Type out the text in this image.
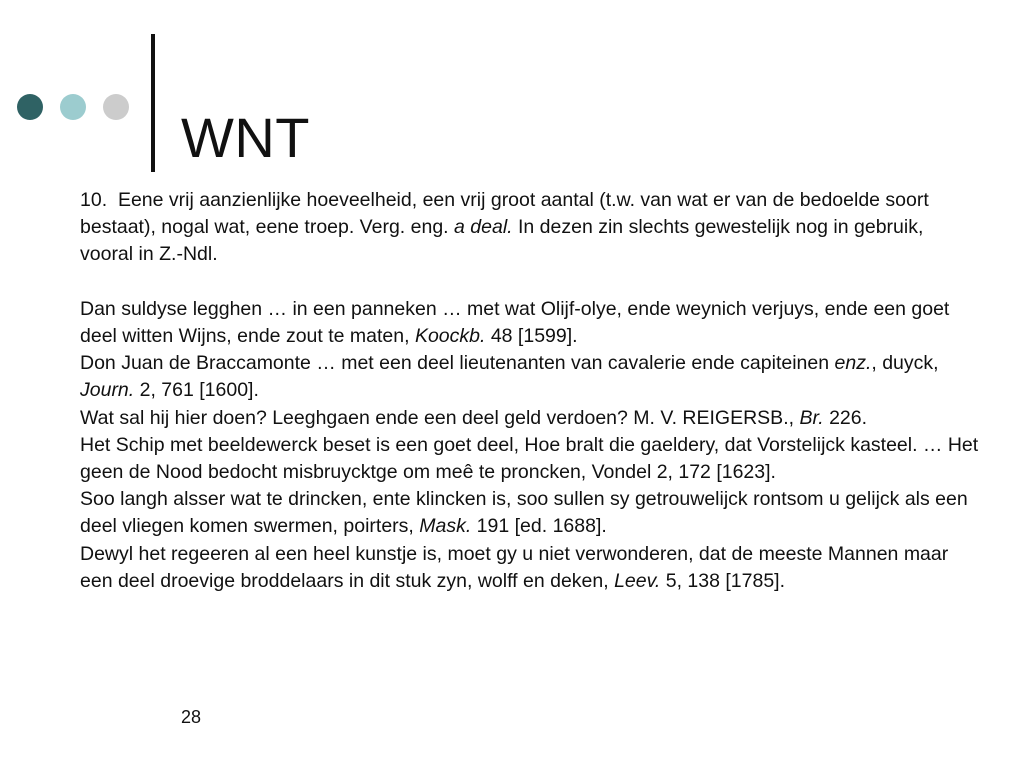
WNT

10. Eene vrij aanzienlijke hoeveelheid, een vrij groot aantal (t.w. van wat er van de bedoelde soort bestaat), nogal wat, eene troep. Verg. eng. a deal. In dezen zin slechts gewestelijk nog in gebruik, vooral in Z.-Ndl.

Dan suldyse legghen … in een panneken … met wat Olijf-olye, ende weynich verjuys, ende een goet deel witten Wijns, ende zout te maten, Koockb. 48 [1599].

Don Juan de Braccamonte … met een deel lieutenanten van cavalerie ende capiteinen enz., duyck, Journ. 2, 761 [1600].

Wat sal hij hier doen? Leeghgaen ende een deel geld verdoen? M. V. REIGERSB., Br. 226.

Het Schip met beeldewerck beset is een goet deel, Hoe bralt die gaeldery, dat Vorstelijck kasteel. … Het geen de Nood bedocht misbruycktge om meê te proncken, Vondel 2, 172 [1623].

Soo langh alsser wat te drincken, ente klincken is, soo sullen sy getrouwelijck rontsom u gelijck als een deel vliegen komen swermen, poirters, Mask. 191 [ed. 1688].

Dewyl het regeeren al een heel kunstje is, moet gy u niet verwonderen, dat de meeste Mannen maar een deel droevige broddelaars in dit stuk zyn, wolff en deken, Leev. 5, 138 [1785].

28
